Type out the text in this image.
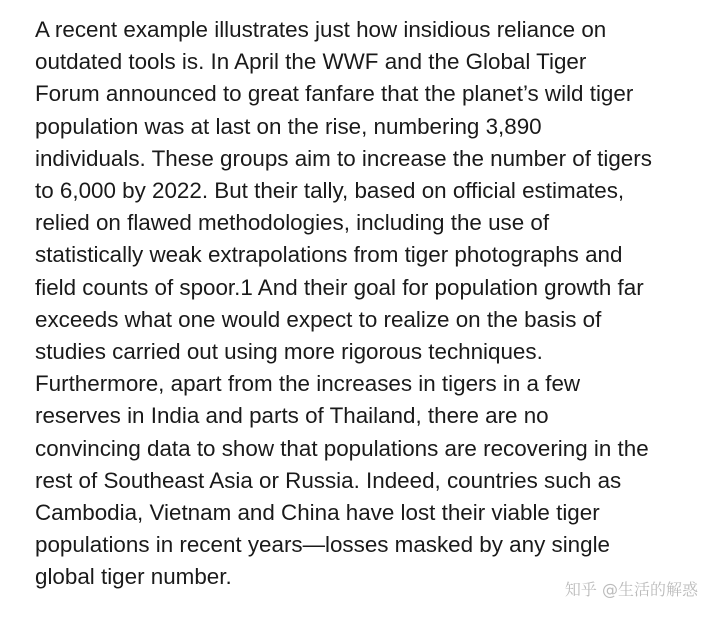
A recent example illustrates just how insidious reliance on
outdated tools is. In April the WWF and the Global Tiger
Forum announced to great fanfare that the planet’s wild tiger
population was at last on the rise, numbering 3,890
individuals. These groups aim to increase the number of tigers
to 6,000 by 2022. But their tally, based on official estimates,
relied on flawed methodologies, including the use of
statistically weak extrapolations from tiger photographs and
field counts of spoor.1 And their goal for population growth far
exceeds what one would expect to realize on the basis of
studies carried out using more rigorous techniques.
Furthermore, apart from the increases in tigers in a few
reserves in India and parts of Thailand, there are no
convincing data to show that populations are recovering in the
rest of Southeast Asia or Russia. Indeed, countries such as
Cambodia, Vietnam and China have lost their viable tiger
populations in recent years—losses masked by any single
global tiger number.

知乎 @生活的解惑
